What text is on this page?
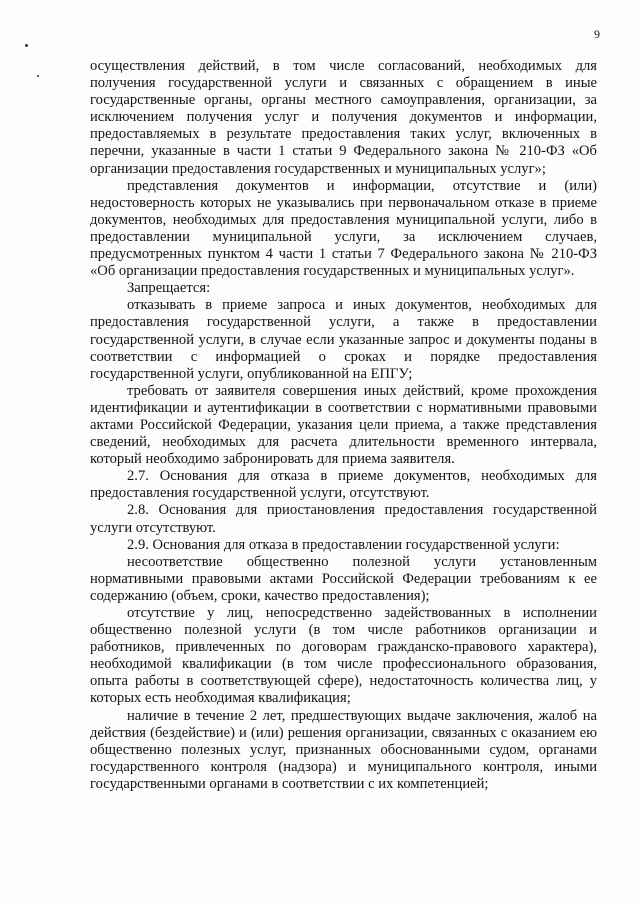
9

осуществления действий, в том числе согласований, необходимых для получения государственной услуги и связанных с обращением в иные государственные органы, органы местного самоуправления, организации, за исключением получения услуг и получения документов и информации, предоставляемых в результате предоставления таких услуг, включенных в перечни, указанные в части 1 статьи 9 Федерального закона № 210-ФЗ «Об организации предоставления государственных и муниципальных услуг»;

представления документов и информации, отсутствие и (или) недостоверность которых не указывались при первоначальном отказе в приеме документов, необходимых для предоставления муниципальной услуги, либо в предоставлении муниципальной услуги, за исключением случаев, предусмотренных пунктом 4 части 1 статьи 7 Федерального закона № 210-ФЗ «Об организации предоставления государственных и муниципальных услуг».

Запрещается:

отказывать в приеме запроса и иных документов, необходимых для предоставления государственной услуги, а также в предоставлении государственной услуги, в случае если указанные запрос и документы поданы в соответствии с информацией о сроках и порядке предоставления государственной услуги, опубликованной на ЕПГУ;

требовать от заявителя совершения иных действий, кроме прохождения идентификации и аутентификации в соответствии с нормативными правовыми актами Российской Федерации, указания цели приема, а также представления сведений, необходимых для расчета длительности временного интервала, который необходимо забронировать для приема заявителя.

2.7. Основания для отказа в приеме документов, необходимых для предоставления государственной услуги, отсутствуют.

2.8. Основания для приостановления предоставления государственной услуги отсутствуют.

2.9. Основания для отказа в предоставлении государственной услуги:

несоответствие общественно полезной услуги установленным нормативными правовыми актами Российской Федерации требованиям к ее содержанию (объем, сроки, качество предоставления);

отсутствие у лиц, непосредственно задействованных в исполнении общественно полезной услуги (в том числе работников организации и работников, привлеченных по договорам гражданско-правового характера), необходимой квалификации (в том числе профессионального образования, опыта работы в соответствующей сфере), недостаточность количества лиц, у которых есть необходимая квалификация;

наличие в течение 2 лет, предшествующих выдаче заключения, жалоб на действия (бездействие) и (или) решения организации, связанных с оказанием ею общественно полезных услуг, признанных обоснованными судом, органами государственного контроля (надзора) и муниципального контроля, иными государственными органами в соответствии с их компетенцией;
